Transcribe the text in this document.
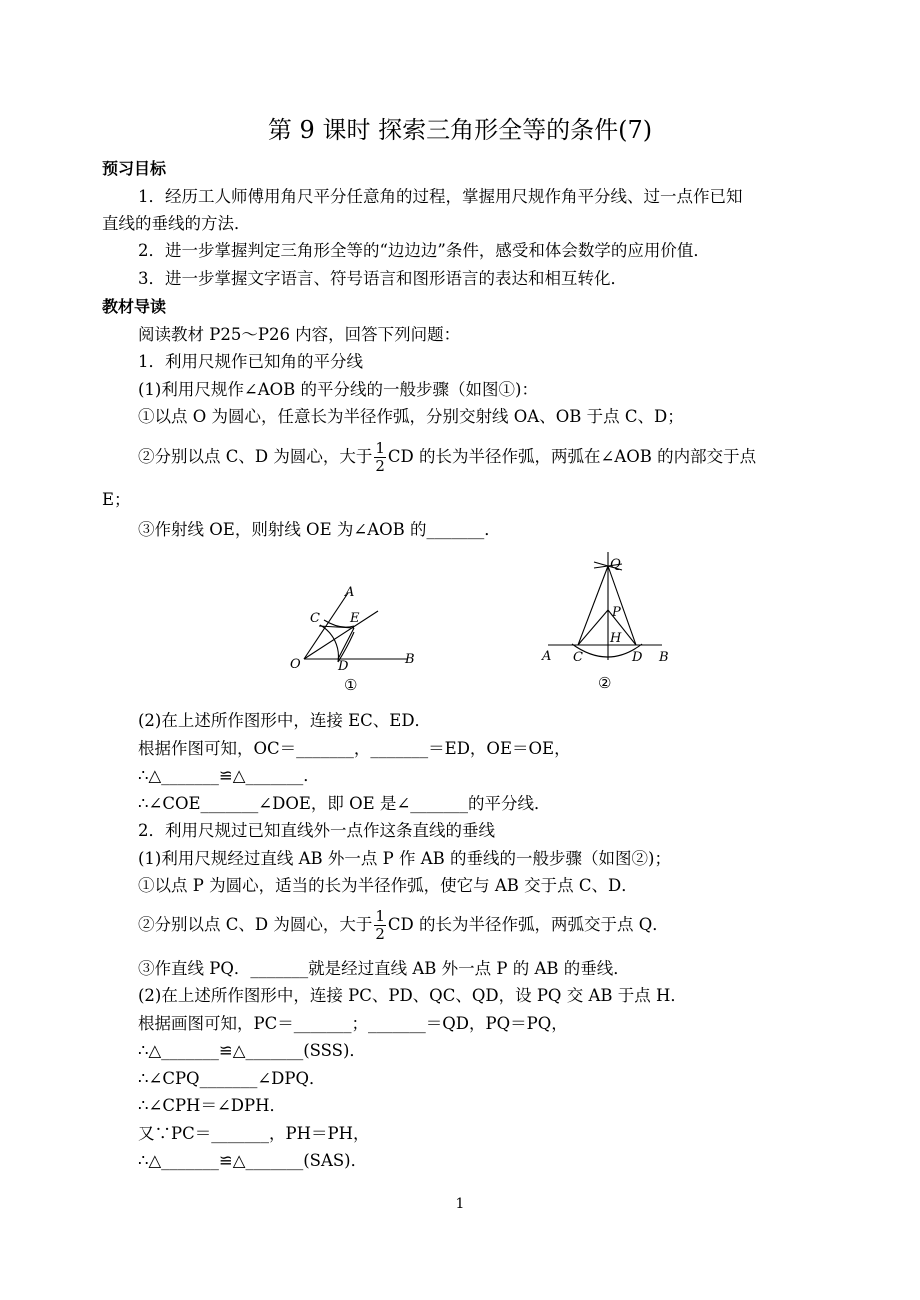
第 9 课时 探索三角形全等的条件(7)
预习目标
1．经历工人师傅用角尺平分任意角的过程，掌握用尺规作角平分线、过一点作已知
直线的垂线的方法．
2．进一步掌握判定三角形全等的“边边边”条件，感受和体会数学的应用价值．
3．进一步掌握文字语言、符号语言和图形语言的表达和相互转化．
教材导读
阅读教材 P25～P26 内容，回答下列问题：
1．利用尺规作已知角的平分线
(1)利用尺规作∠AOB 的平分线的一般步骤（如图①)：
①以点 O 为圆心，任意长为半径作弧，分别交射线 OA、OB 于点 C、D；
②分别以点 C、D 为圆心，大于 $\frac{1}{2}$ CD 的长为半径作弧，两弧在∠AOB 的内部交于点
E；
③作射线 OE，则射线 OE 为∠AOB 的_______．
A
C E
O	D	B
①
Q
P
H
A C	D B
②
(2)在上述所作图形中，连接 EC、ED．
根据作图可知，OC＝_______，_______＝ED，OE＝OE，
∴△_______≌△_______．
∴∠COE_______∠DOE，即 OE 是∠_______的平分线．
2．利用尺规过已知直线外一点作这条直线的垂线
(1)利用尺规经过直线 AB 外一点 P 作 AB 的垂线的一般步骤（如图②)；
①以点 P 为圆心，适当的长为半径作弧，使它与 AB 交于点 C、D．
②分别以点 C、D 为圆心，大于 $\frac{1}{2}$ CD 的长为半径作弧，两弧交于点 Q．
③作直线 PQ．_______就是经过直线 AB 外一点 P 的 AB 的垂线．
(2)在上述所作图形中，连接 PC、PD、QC、QD，设 PQ 交 AB 于点 H．
根据画图可知，PC＝_______；_______＝QD，PQ＝PQ，
∴△_______≌△_______(SSS)．
∴∠CPQ_______∠DPQ．
∴∠CPH＝∠DPH．
又∵PC＝_______，PH＝PH，
∴△_______≌△_______(SAS)．
1
